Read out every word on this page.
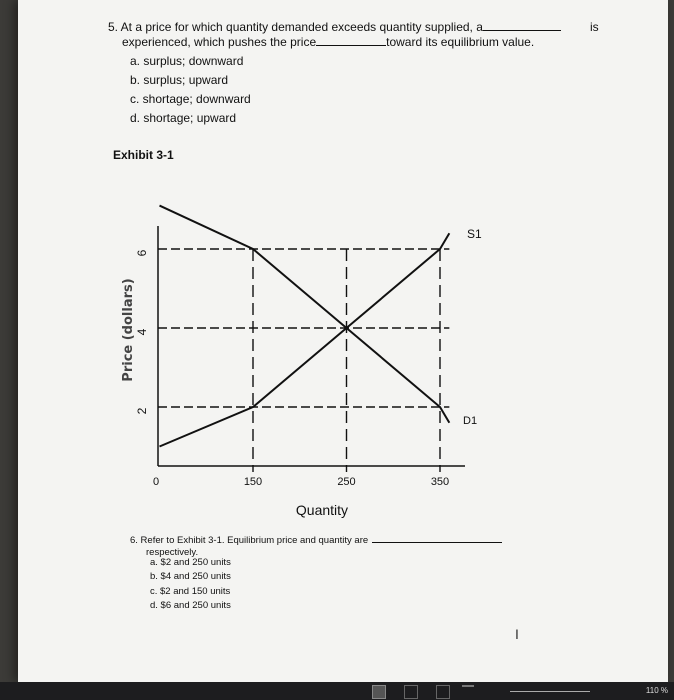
5. At a price for which quantity demanded exceeds quantity supplied, a
experienced, which pushes the price	toward its equilibrium value.
is
a. surplus; downward
b. surplus; upward
c. shortage; downward
d. shortage; upward
Exhibit 3-1
Price (dollars)
Quantity
0
S1
D1
150	250	350
2
4
6
6. Refer to Exhibit 3-1. Equilibrium price and quantity are
respectively.
a. $2 and 250 units
b. $4 and 250 units
c. $2 and 150 units
d. $6 and 250 units
I
110 %
